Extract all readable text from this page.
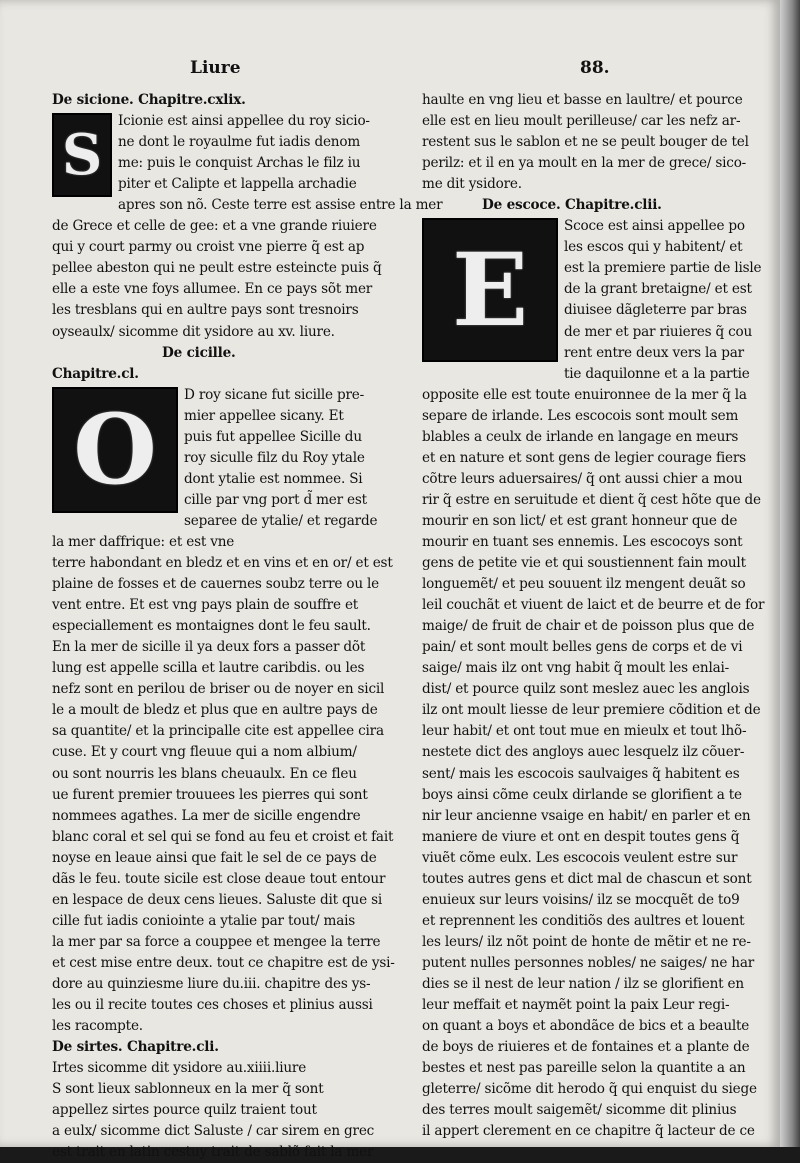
Liure	88.
De sicione. Chapitre.cxlix.
S
Icionie est ainsi appellee du roy sicio-
ne dont le royaulme fut iadis denom
me: puis le conquist Archas le filz iu
piter et Calipte et lappella archadie
apres son nõ. Ceste terre est assise entre la mer
de Grece et celle de gee: et a vne grande riuiere
qui y court parmy ou croist vne pierre q̃ est ap
pellee abeston qui ne peult estre esteincte puis q̃
elle a este vne foys allumee. En ce pays sõt mer
les tresblans qui en aultre pays sont tresnoirs
oyseaulx/ sicomme dit ysidore au xv. liure.
De cicille.
Chapitre.cl.
O	D roy sicane fut sicille pre-
mier appellee sicany. Et
puis fut appellee Sicille du
roy siculle filz du Roy ytale
dont ytalie est nommee. Si
cille par vng port d̃ mer est
separee de ytalie/ et regarde
la mer daffrique: et est vne
terre habondant en bledz et en vins et en or/ et est
plaine de fosses et de cauernes soubz terre ou le
vent entre. Et est vng pays plain de souffre et
especiallement es montaignes dont le feu sault.
En la mer de sicille il ya deux fors a passer dõt
lung est appelle scilla et lautre caribdis. ou les
nefz sont en perilou de briser ou de noyer en sicil
le a moult de bledz et plus que en aultre pays de
sa quantite/ et la principalle cite est appellee cira
cuse. Et y court vng fleuue qui a nom albium/
ou sont nourris les blans cheuaulx. En ce fleu
ue furent premier trouuees les pierres qui sont
nommees agathes. La mer de sicille engendre
blanc coral et sel qui se fond au feu et croist et fait
noyse en leaue ainsi que fait le sel de ce pays de
dãs le feu. toute sicile est close deaue tout entour
en lespace de deux cens lieues. Saluste dit que si
cille fut iadis coniointe a ytalie par tout/ mais
la mer par sa force a couppee et mengee la terre
et cest mise entre deux. tout ce chapitre est de ysi-
dore au quinziesme liure du.iii. chapitre des ys-
les ou il recite toutes ces choses et plinius aussi
les racompte.
De sirtes. Chapitre.cli.
Irtes sicomme dit ysidore au.xiiii.liure
S sont lieux sablonneux en la mer q̃ sont
appellez sirtes pource quilz traient tout
a eulx/ sicomme dict Saluste / car sirem en grec
est trait en latin cestuy trait de sablõ fait la mer
haulte en vng lieu et basse en laultre/ et pource
elle est en lieu moult perilleuse/ car les nefz ar-
restent sus le sablon et ne se peult bouger de tel
perilz: et il en ya moult en la mer de grece/ sico-
me dit ysidore.
De escoce. Chapitre.clii.
E
Scoce est ainsi appellee po
les escos qui y habitent/ et
est la premiere partie de lisle
de la grant bretaigne/ et est
diuisee dãgleterre par bras
de mer et par riuieres q̃ cou
rent entre deux vers la par
tie daquilonne et a la partie
opposite elle est toute enuironnee de la mer q̃ la
separe de irlande. Les escocois sont moult sem
blables a ceulx de irlande en langage en meurs
et en nature et sont gens de legier courage fiers
cõtre leurs aduersaires/ q̃ ont aussi chier a mou
rir q̃ estre en seruitude et dient q̃ cest hõte que de
mourir en son lict/ et est grant honneur que de
mourir en tuant ses ennemis. Les escocoys sont
gens de petite vie et qui soustiennent fain moult
longuemẽt/ et peu souuent ilz mengent deuãt so
leil couchãt et viuent de laict et de beurre et de for
maige/ de fruit de chair et de poisson plus que de
pain/ et sont moult belles gens de corps et de vi
saige/ mais ilz ont vng habit q̃ moult les enlai-
dist/ et pource quilz sont meslez auec les anglois
ilz ont moult liesse de leur premiere cõdition et de
leur habit/ et ont tout mue en mieulx et tout lhõ-
nestete dict des angloys auec lesquelz ilz cõuer-
sent/ mais les escocois saulvaiges q̃ habitent es
boys ainsi cõme ceulx dirlande se glorifient a te
nir leur ancienne vsaige en habit/ en parler et en
maniere de viure et ont en despit toutes gens q̃
viuẽt cõme eulx. Les escocois veulent estre sur
toutes autres gens et dict mal de chascun et sont
enuieux sur leurs voisins/ ilz se mocquẽt de to9
et reprennent les conditiõs des aultres et louent
les leurs/ ilz nõt point de honte de mẽtir et ne re-
putent nulles personnes nobles/ ne saiges/ ne har
dies se il nest de leur nation / ilz se glorifient en
leur meffait et naymẽt point la paix Leur regi-
on quant a boys et abondãce de bics et a beaulte
de boys de riuieres et de fontaines et a plante de
bestes et nest pas pareille selon la quantite a an
gleterre/ sicõme dit herodo q̃ qui enquist du siege
des terres moult saigemẽt/ sicomme dit plinius
il appert clerement en ce chapitre q̃ lacteur de ce
